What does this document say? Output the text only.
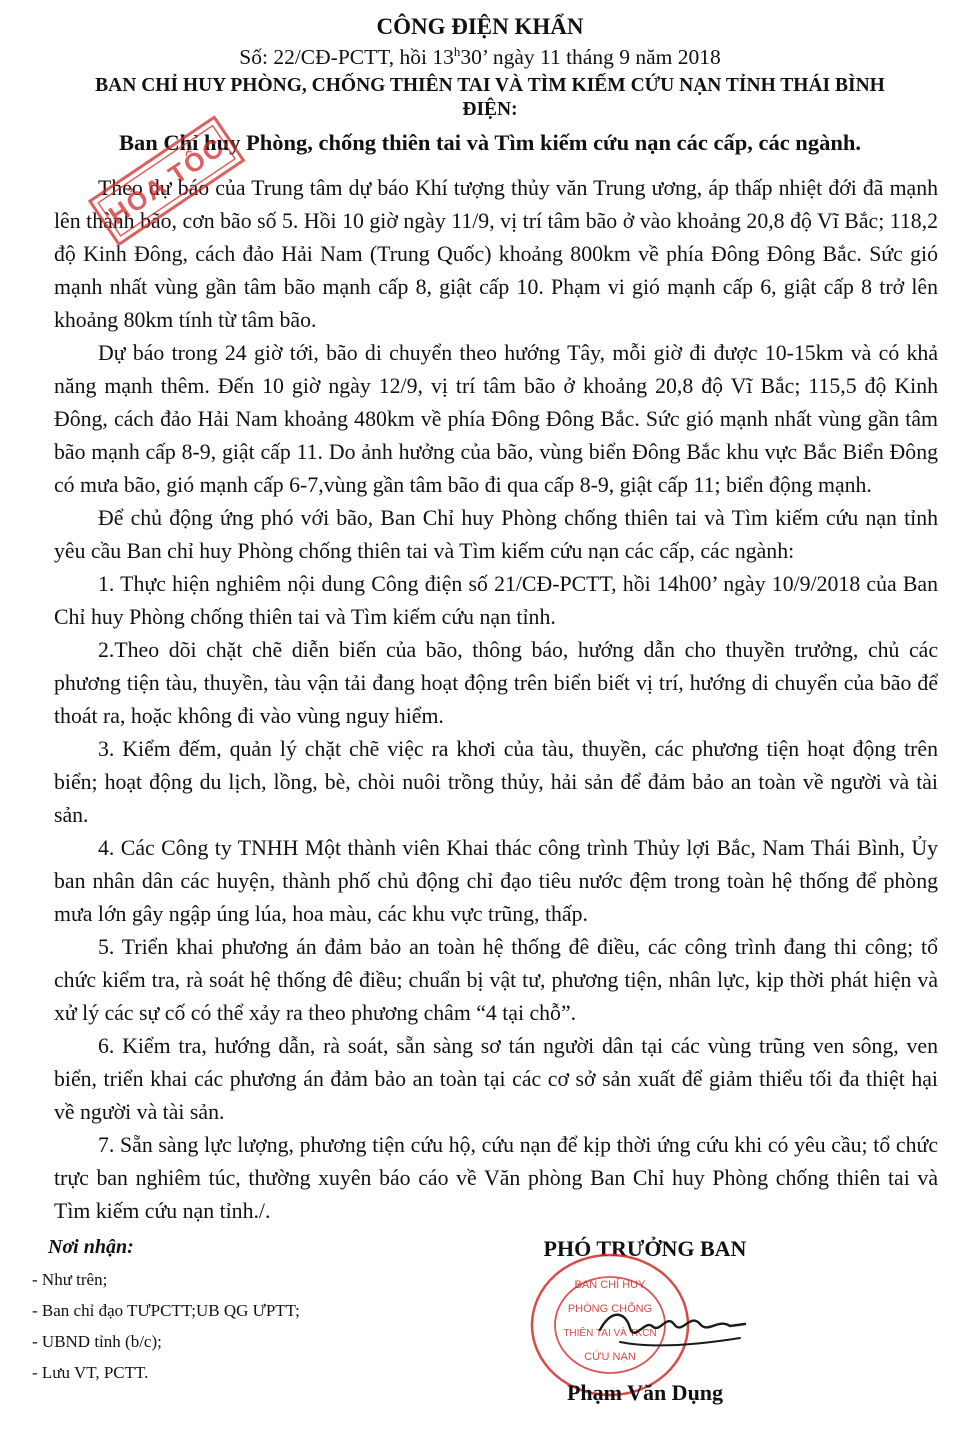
CÔNG ĐIỆN KHẨN
Số: 22/CĐ-PCTT, hồi 13$^h$30’ ngày 11 tháng 9 năm 2018
BAN CHỈ HUY PHÒNG, CHỐNG THIÊN TAI VÀ TÌM KIẾM CỨU NẠN TỈNH THÁI BÌNH
ĐIỆN:
Ban Chỉ huy Phòng, chống thiên tai và Tìm kiếm cứu nạn các cấp, các ngành.

Theo dự báo của Trung tâm dự báo Khí tượng thủy văn Trung ương, áp thấp nhiệt đới đã mạnh lên thành bão, cơn bão số 5. Hồi 10 giờ ngày 11/9, vị trí tâm bão ở vào khoảng 20,8 độ Vĩ Bắc; 118,2 độ Kinh Đông, cách đảo Hải Nam (Trung Quốc) khoảng 800km về phía Đông Đông Bắc. Sức gió mạnh nhất vùng gần tâm bão mạnh cấp 8, giật cấp 10. Phạm vi gió mạnh cấp 6, giật cấp 8 trở lên khoảng 80km tính từ tâm bão.

Dự báo trong 24 giờ tới, bão di chuyển theo hướng Tây, mỗi giờ đi được 10-15km và có khả năng mạnh thêm. Đến 10 giờ ngày 12/9, vị trí tâm bão ở khoảng 20,8 độ Vĩ Bắc; 115,5 độ Kinh Đông, cách đảo Hải Nam khoảng 480km về phía Đông Đông Bắc. Sức gió mạnh nhất vùng gần tâm bão mạnh cấp 8-9, giật cấp 11. Do ảnh hưởng của bão, vùng biển Đông Bắc khu vực Bắc Biển Đông có mưa bão, gió mạnh cấp 6-7,vùng gần tâm bão đi qua cấp 8-9, giật cấp 11; biển động mạnh.

Để chủ động ứng phó với bão, Ban Chỉ huy Phòng chống thiên tai và Tìm kiếm cứu nạn tỉnh yêu cầu Ban chỉ huy Phòng chống thiên tai và Tìm kiếm cứu nạn các cấp, các ngành:

1. Thực hiện nghiêm nội dung Công điện số 21/CĐ-PCTT, hồi 14h00’ ngày 10/9/2018 của Ban Chỉ huy Phòng chống thiên tai và Tìm kiếm cứu nạn tỉnh.

2.Theo dõi chặt chẽ diễn biến của bão, thông báo, hướng dẫn cho thuyền trưởng, chủ các phương tiện tàu, thuyền, tàu vận tải đang hoạt động trên biển biết vị trí, hướng di chuyển của bão để thoát ra, hoặc không đi vào vùng nguy hiểm.

3. Kiểm đếm, quản lý chặt chẽ việc ra khơi của tàu, thuyền, các phương tiện hoạt động trên biển; hoạt động du lịch, lồng, bè, chòi nuôi trồng thủy, hải sản để đảm bảo an toàn về người và tài sản.

4. Các Công ty TNHH Một thành viên Khai thác công trình Thủy lợi Bắc, Nam Thái Bình, Ủy ban nhân dân các huyện, thành phố chủ động chỉ đạo tiêu nước đệm trong toàn hệ thống để phòng mưa lớn gây ngập úng lúa, hoa màu, các khu vực trũng, thấp.

5. Triển khai phương án đảm bảo an toàn hệ thống đê điều, các công trình đang thi công; tổ chức kiểm tra, rà soát hệ thống đê điều; chuẩn bị vật tư, phương tiện, nhân lực, kịp thời phát hiện và xử lý các sự cố có thể xảy ra theo phương châm “4 tại chỗ”.

6. Kiểm tra, hướng dẫn, rà soát, sẵn sàng sơ tán người dân tại các vùng trũng ven sông, ven biển, triển khai các phương án đảm bảo an toàn tại các cơ sở sản xuất để giảm thiểu tối đa thiệt hại về người và tài sản.

7. Sẵn sàng lực lượng, phương tiện cứu hộ, cứu nạn để kịp thời ứng cứu khi có yêu cầu; tổ chức trực ban nghiêm túc, thường xuyên báo cáo về Văn phòng Ban Chỉ huy Phòng chống thiên tai và Tìm kiếm cứu nạn tỉnh./.

Nơi nhận:
- Như trên;
- Ban chỉ đạo TƯPCTT;UB QG ƯPTT;
- UBND tỉnh (b/c);
- Lưu VT, PCTT.
PHÓ TRƯỞNG BAN
BAN CHỈ HUY
PHÒNG CHỐNG
THIÊN TAI VÀ TKCN
CỨU NẠN
Phạm Văn Dụng
HỎA TỐC
